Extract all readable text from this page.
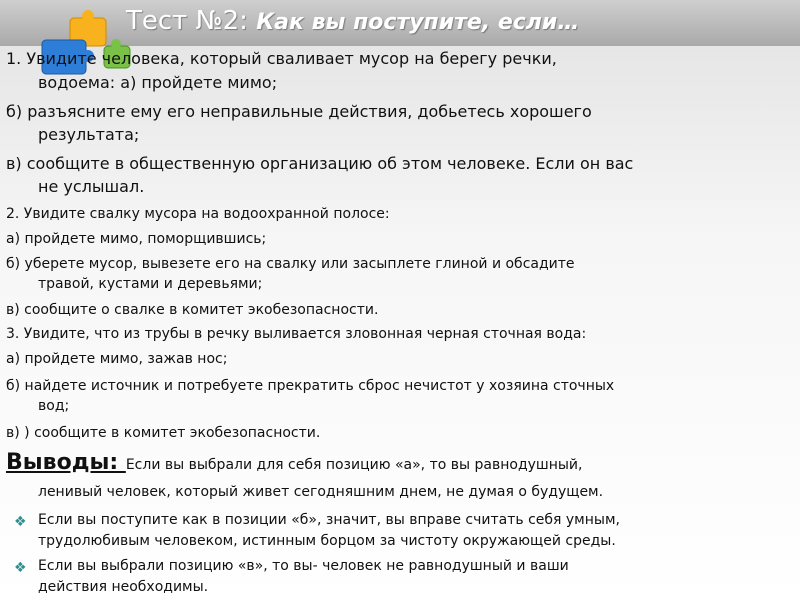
Тест №2: Как вы поступите, если…
1. Увидите человека, который сваливает мусор на берегу речки,
водоема: а) пройдете мимо;
б) разъясните ему его неправильные действия, добьетесь хорошего
результата;
в) сообщите в общественную организацию об этом человеке. Если он вас
не услышал.
2. Увидите свалку мусора на водоохранной полосе:
а) пройдете мимо, поморщившись;
б) уберете мусор, вывезете его на свалку или засыплете глиной и обсадите
травой, кустами и деревьями;
в) сообщите о свалке в комитет экобезопасности.
3. Увидите, что из трубы в речку выливается зловонная черная сточная вода:
а) пройдете мимо, зажав нос;
б) найдете источник и потребуете прекратить сброс нечистот у хозяина сточных
вод;
в) ) сообщите в комитет экобезопасности.
Выводы: Если вы выбрали для себя позицию «а», то вы равнодушный,
ленивый человек, который живет сегодняшним днем, не думая о будущем.
❖ Если вы поступите как в позиции «б», значит, вы вправе считать себя умным,
трудолюбивым человеком, истинным борцом за чистоту окружающей среды.
❖ Если вы выбрали позицию «в», то вы- человек не равнодушный и ваши
действия необходимы.
